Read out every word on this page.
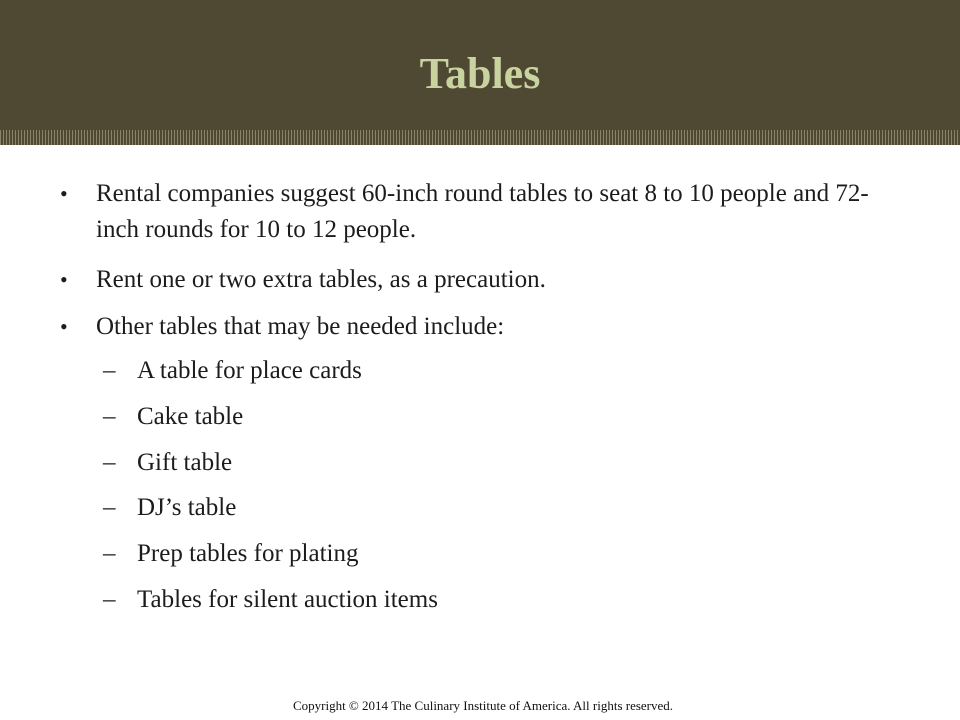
Tables

• Rental companies suggest 60-inch round tables to seat 8 to 10 people and 72-inch rounds for 10 to 12 people.

• Rent one or two extra tables, as a precaution.

• Other tables that may be needed include:

– A table for place cards

– Cake table

– Gift table

– DJ’s table

– Prep tables for plating

– Tables for silent auction items

Copyright © 2014 The Culinary Institute of America. All rights reserved.
